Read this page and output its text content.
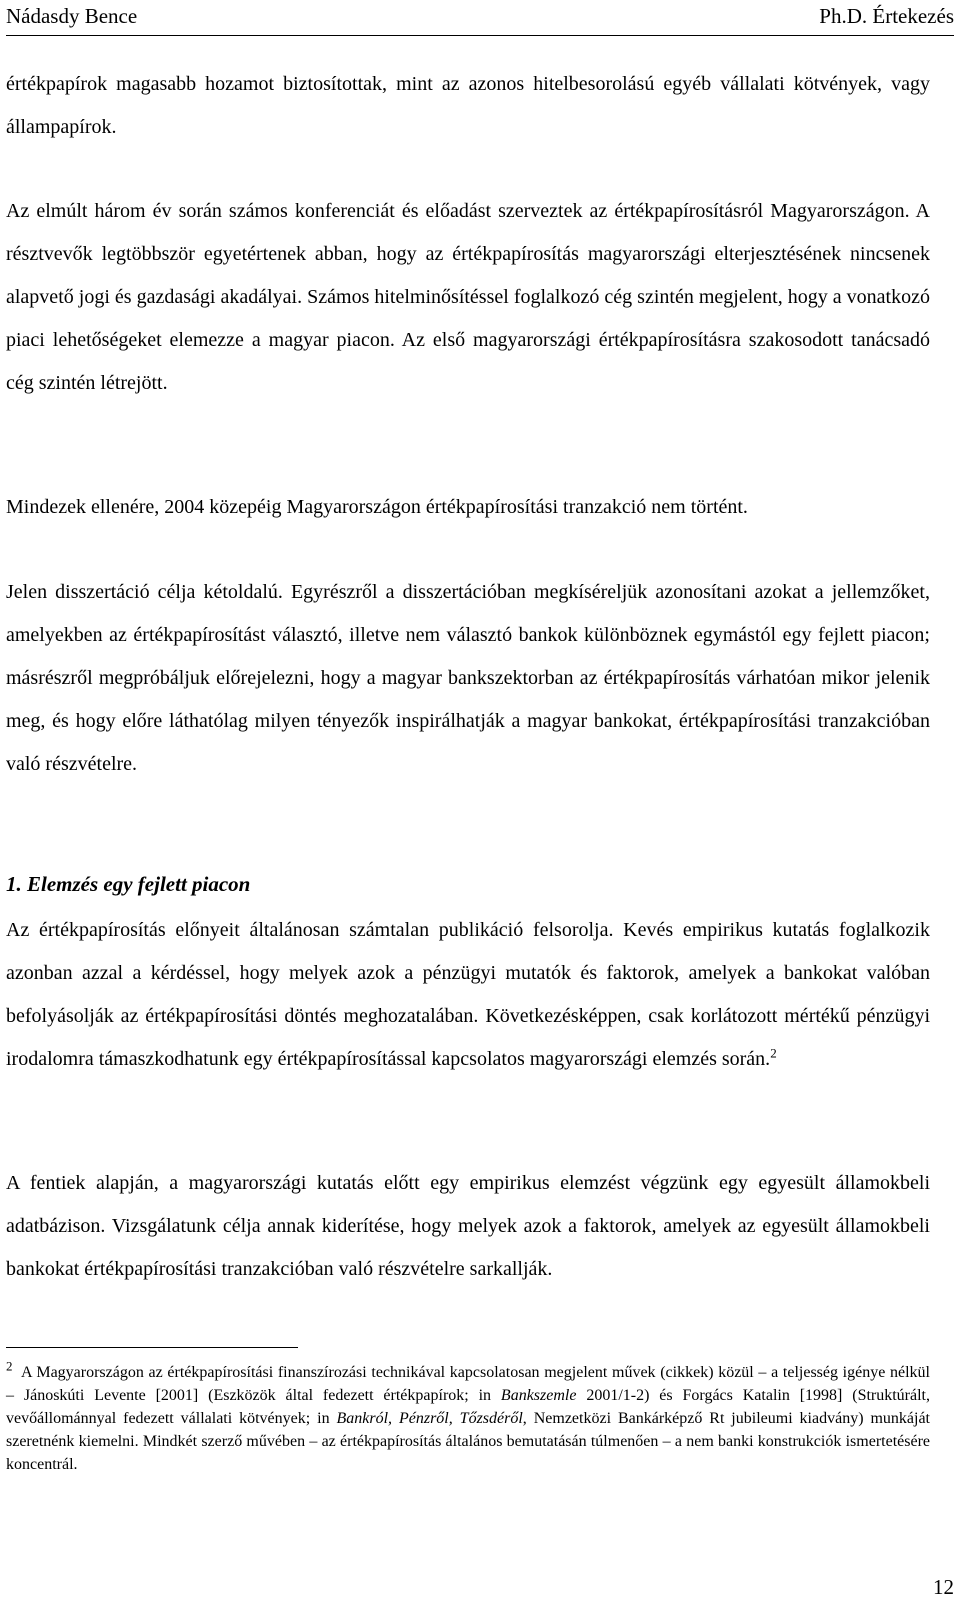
Nádasdy Bence	Ph.D. Értekezés

értékpapírok magasabb hozamot biztosítottak, mint az azonos hitelbesorolású egyéb vállalati kötvények, vagy állampapírok.

Az elmúlt három év során számos konferenciát és előadást szerveztek az értékpapírosításról Magyarországon. A résztvevők legtöbbször egyetértenek abban, hogy az értékpapírosítás magyarországi elterjesztésének nincsenek alapvető jogi és gazdasági akadályai. Számos hitelminősítéssel foglalkozó cég szintén megjelent, hogy a vonatkozó piaci lehetőségeket elemezze a magyar piacon. Az első magyarországi értékpapírosításra szakosodott tanácsadó cég szintén létrejött.

Mindezek ellenére, 2004 közepéig Magyarországon értékpapírosítási tranzakció nem történt.

Jelen disszertáció célja kétoldalú. Egyrészről a disszertációban megkíséreljük azonosítani azokat a jellemzőket, amelyekben az értékpapírosítást választó, illetve nem választó bankok különböznek egymástól egy fejlett piacon; másrészről megpróbáljuk előrejelezni, hogy a magyar bankszektorban az értékpapírosítás várhatóan mikor jelenik meg, és hogy előre láthatólag milyen tényezők inspirálhatják a magyar bankokat, értékpapírosítási tranzakcióban való részvételre.

1. Elemzés egy fejlett piacon

Az értékpapírosítás előnyeit általánosan számtalan publikáció felsorolja. Kevés empirikus kutatás foglalkozik azonban azzal a kérdéssel, hogy melyek azok a pénzügyi mutatók és faktorok, amelyek a bankokat valóban befolyásolják az értékpapírosítási döntés meghozatalában. Következésképpen, csak korlátozott mértékű pénzügyi irodalomra támaszkodhatunk egy értékpapírosítással kapcsolatos magyarországi elemzés során.$^2$

A fentiek alapján, a magyarországi kutatás előtt egy empirikus elemzést végzünk egy egyesült államokbeli adatbázison. Vizsgálatunk célja annak kiderítése, hogy melyek azok a faktorok, amelyek az egyesült államokbeli bankokat értékpapírosítási tranzakcióban való részvételre sarkallják.

$^2$ A Magyarországon az értékpapírosítási finanszírozási technikával kapcsolatosan megjelent művek (cikkek) közül – a teljesség igénye nélkül – Jánoskúti Levente [2001] (Eszközök által fedezett értékpapírok; in Bankszemle 2001/1-2) és Forgács Katalin [1998] (Struktúrált, vevőállománnyal fedezett vállalati kötvények; in Bankról, Pénzről, Tőzsdéről, Nemzetközi Bankárképző Rt jubileumi kiadvány) munkáját szeretnénk kiemelni. Mindkét szerző művében – az értékpapírosítás általános bemutatásán túlmenően – a nem banki konstrukciók ismertetésére koncentrál.

12
